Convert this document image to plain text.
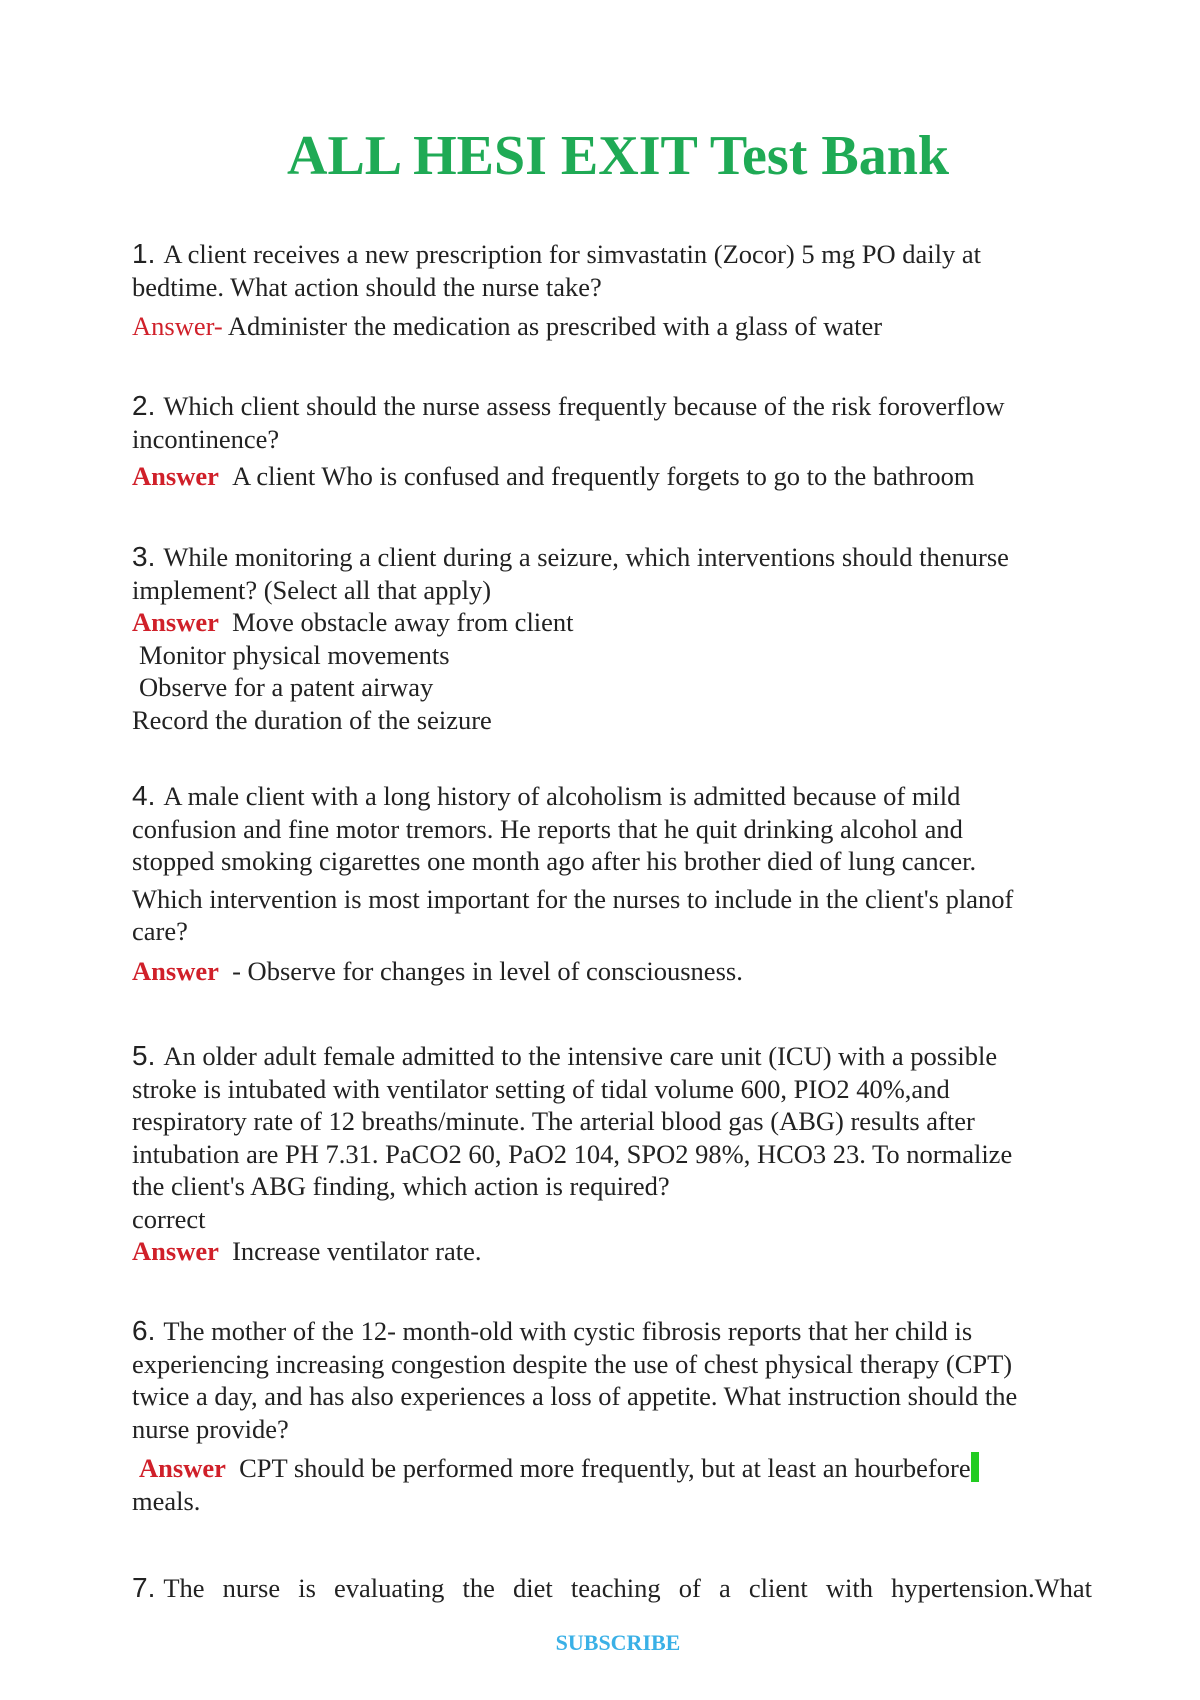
ALL HESI EXIT Test Bank
1. A client receives a new prescription for simvastatin (Zocor) 5 mg PO daily at
bedtime. What action should the nurse take?
Answer- Administer the medication as prescribed with a glass of water
2. Which client should the nurse assess frequently because of the risk foroverflow
incontinence?
Answer A client Who is confused and frequently forgets to go to the bathroom
3. While monitoring a client during a seizure, which interventions should thenurse
implement? (Select all that apply)
Answer Move obstacle away from client
Monitor physical movements
Observe for a patent airway
Record the duration of the seizure
4. A male client with a long history of alcoholism is admitted because of mild
confusion and fine motor tremors. He reports that he quit drinking alcohol and
stopped smoking cigarettes one month ago after his brother died of lung cancer.
Which intervention is most important for the nurses to include in the client's planof
care?
Answer - Observe for changes in level of consciousness.
5. An older adult female admitted to the intensive care unit (ICU) with a possible
stroke is intubated with ventilator setting of tidal volume 600, PIO2 40%,and
respiratory rate of 12 breaths/minute. The arterial blood gas (ABG) results after
intubation are PH 7.31. PaCO2 60, PaO2 104, SPO2 98%, HCO3 23. To normalize
the client's ABG finding, which action is required?
correct
Answer Increase ventilator rate.
6. The mother of the 12- month-old with cystic fibrosis reports that her child is
experiencing increasing congestion despite the use of chest physical therapy (CPT)
twice a day, and has also experiences a loss of appetite. What instruction should the
nurse provide?
Answer CPT should be performed more frequently, but at least an hourbefore
meals.
7. The nurse is evaluating the diet teaching of a client with hypertension.What
SUBSCRIBE
